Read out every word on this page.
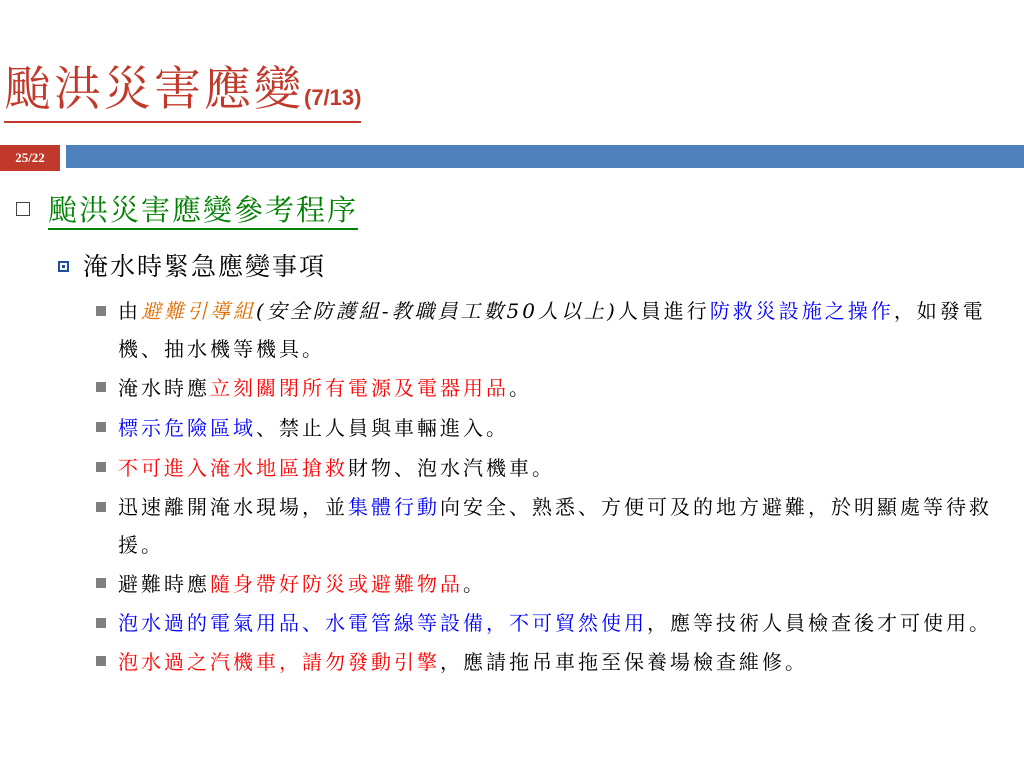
颱洪災害應變(7/13)
25/22
颱洪災害應變參考程序
淹水時緊急應變事項
由避難引導組(安全防護組-教職員工數50人以上)人員進行防救災設施之操作，如發電機、抽水機等機具。
淹水時應立刻關閉所有電源及電器用品。
標示危險區域、禁止人員與車輛進入。
不可進入淹水地區搶救財物、泡水汽機車。
迅速離開淹水現場，並集體行動向安全、熟悉、方便可及的地方避難，於明顯處等待救援。
避難時應隨身帶好防災或避難物品。
泡水過的電氣用品、水電管線等設備，不可貿然使用，應等技術人員檢查後才可使用。
泡水過之汽機車，請勿發動引擎，應請拖吊車拖至保養場檢查維修。
